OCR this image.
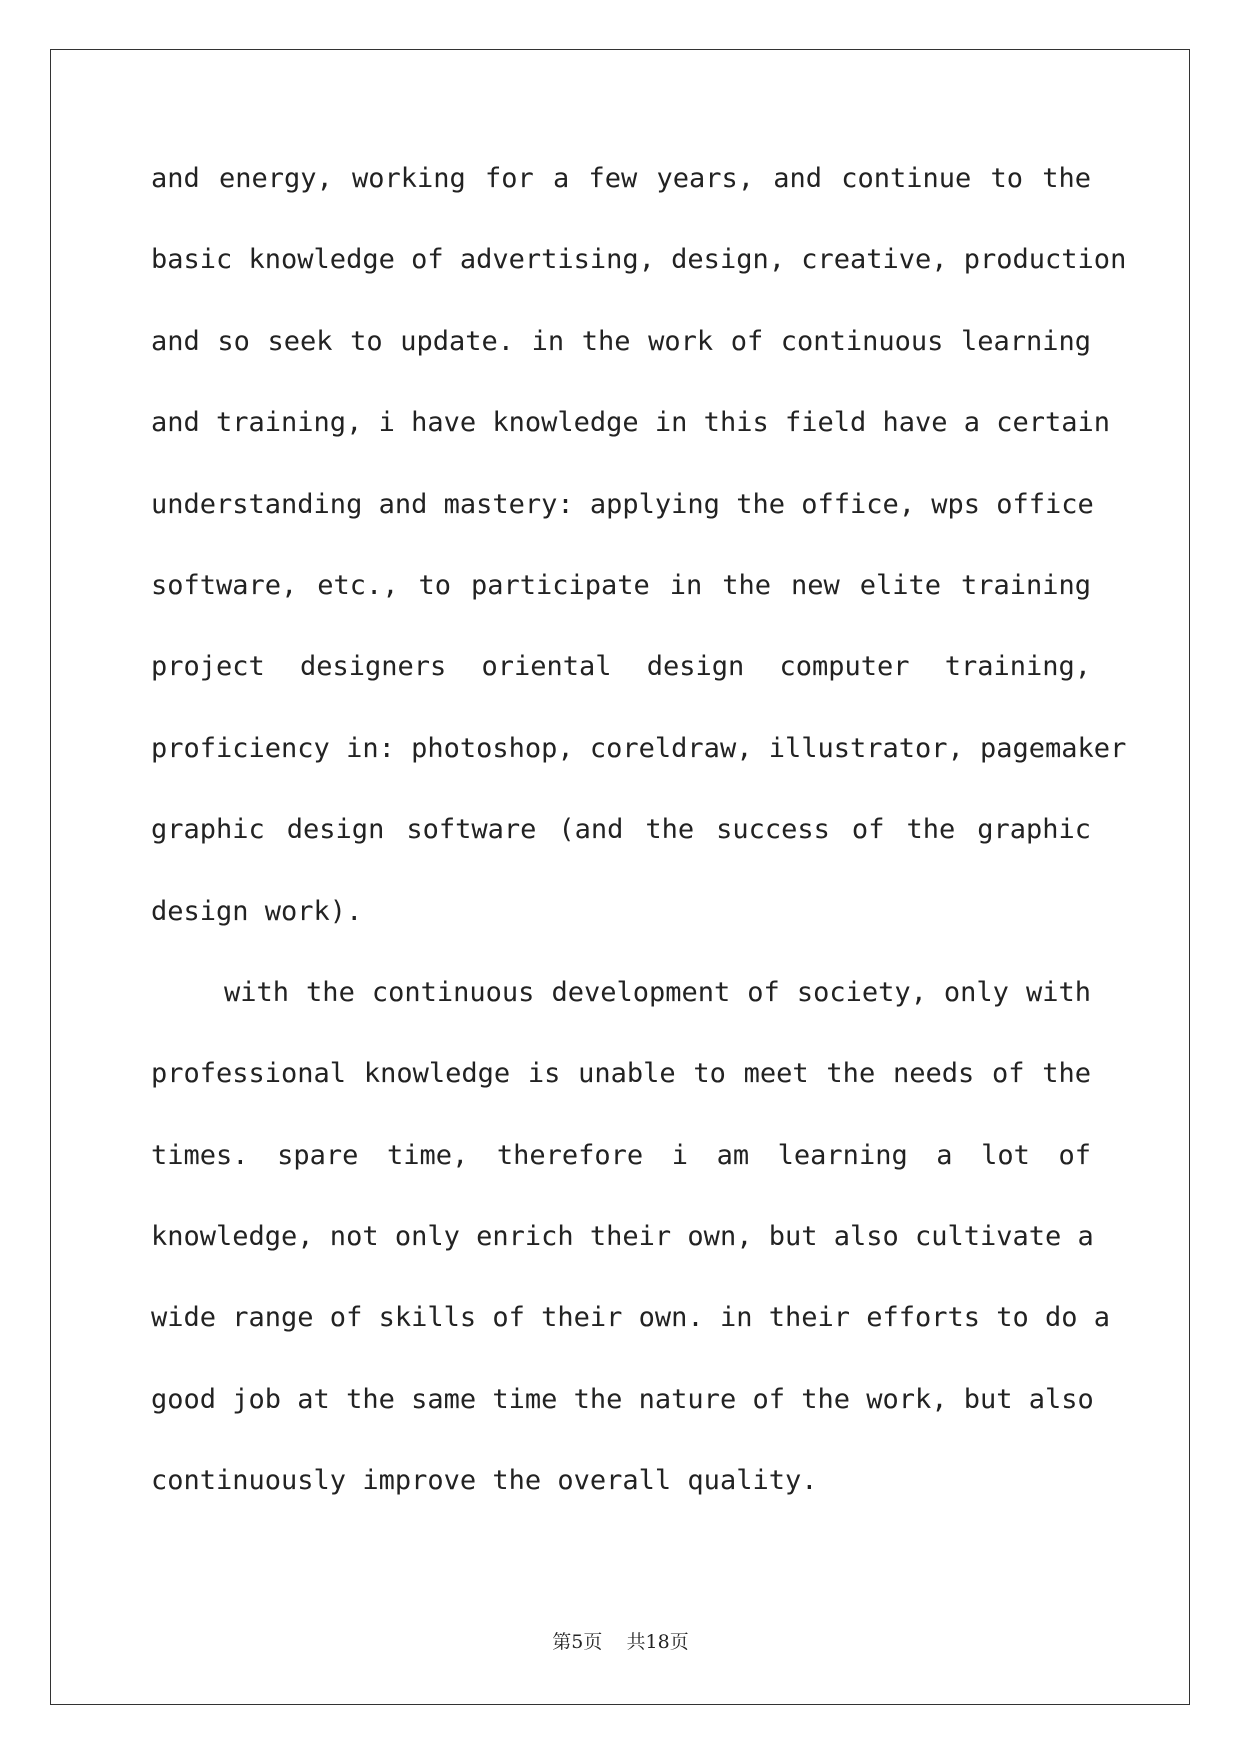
and energy, working for a few years, and continue to the
basic knowledge of advertising, design, creative, production
and so seek to update. in the work of continuous learning
and training, i have knowledge in this field have a certain
understanding and mastery: applying the office, wps office
software, etc., to participate in the new elite training
project designers oriental design computer training,
proficiency in: photoshop, coreldraw, illustrator, pagemaker
graphic design software (and the success of the graphic
design work).
with the continuous development of society, only with
professional knowledge is unable to meet the needs of the
times. spare time, therefore i am learning a lot of
knowledge, not only enrich their own, but also cultivate a
wide range of skills of their own. in their efforts to do a
good job at the same time the nature of the work, but also
continuously improve the overall quality.
第5页 共18页
